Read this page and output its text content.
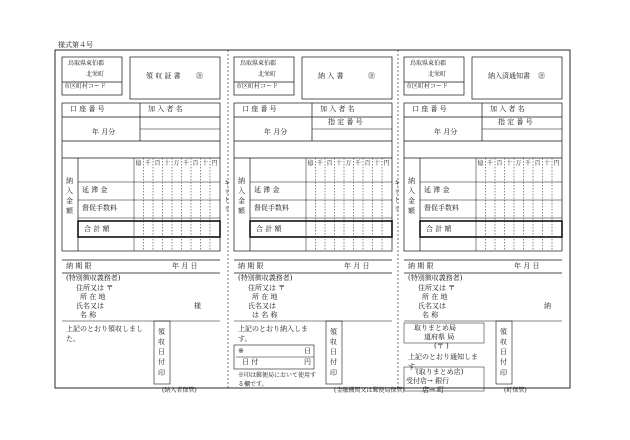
様式第４号
キリトリ
キリトリ
鳥取県東伯郡
北栄町
市区町村コード
領 収 証 書 ㊟
口 座 番 号	加 入 者 名
年 月分
納入金額
億 千 百 十 万 千 百 十 円
延 滞 金
督促手数料
合 計 額
納 期 限	年 月 日
(特別徴収義務者)
住所又は 〒
所 在 地
氏名又は
名 称
様
領収日付印
(納入者保管)
上記のとおり領収しました。
鳥取県東伯郡
北栄町
市区町村コード
納 入 書	㊟
口 座 番 号	加 入 者 名
指 定 番 号
年 月分
納入金額
億 千 百 十 万 千 百 十 円
延 滞 金
督促手数料
合 計 額
納 期 限	年 月 日
(特別徴収義務者)
住所又は 〒
所 在 地
氏名又は
は 名 称
領収日付印
(金融機関又は郵便局保管)
上記のとおり納入します。
※
日 付
日
円
※印は郵便局において使用する欄です。
鳥取県東伯郡
北栄町
市区町村コード
納入済通知書 ㊟
口 座 番 号	加 入 者 名
指 定 番 号
年 月分
納入金額
億 千 百 十 万 千 百 十 円
延 滞 金
督促手数料
合 計 額
納 期 限	年 月 日
(特別徴収義務者)
住所又は 〒
所 在 地
氏名又は
名 称
納
領収日付印
(町保管)
取りまとめ局
道府県 局
(〒 )
上記のとおり通知します。
(取りまとめ店)
受付店→ 銀行
店→ 町
